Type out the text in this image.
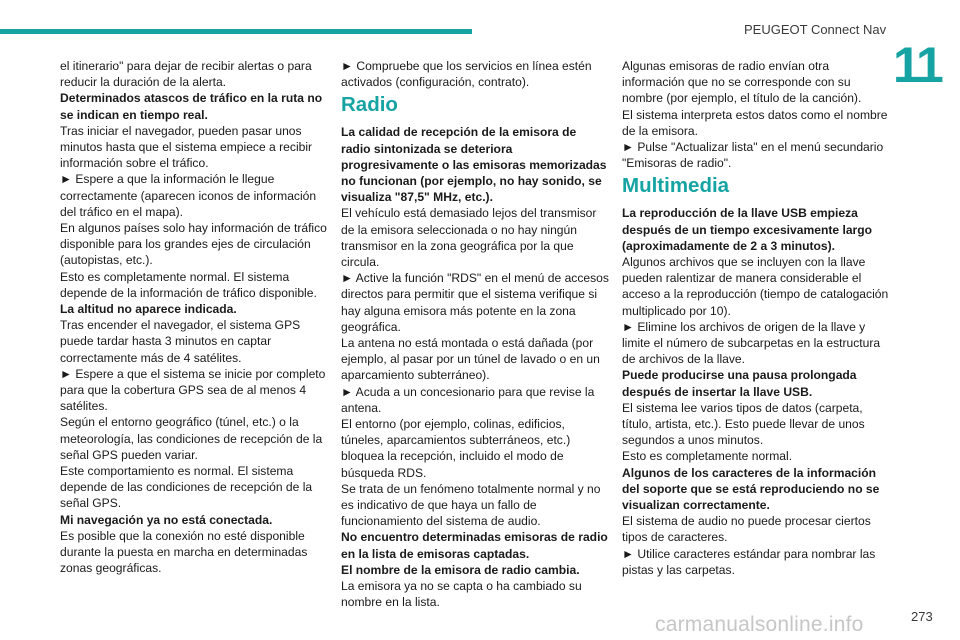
PEUGEOT Connect Nav
11

el itinerario" para dejar de recibir alertas o para reducir la duración de la alerta.

Determinados atascos de tráfico en la ruta no se indican en tiempo real.

Tras iniciar el navegador, pueden pasar unos minutos hasta que el sistema empiece a recibir información sobre el tráfico.

► Espere a que la información le llegue correctamente (aparecen iconos de información del tráfico en el mapa).

En algunos países solo hay información de tráfico disponible para los grandes ejes de circulación (autopistas, etc.).

Esto es completamente normal. El sistema depende de la información de tráfico disponible.

La altitud no aparece indicada.

Tras encender el navegador, el sistema GPS puede tardar hasta 3 minutos en captar correctamente más de 4 satélites.

► Espere a que el sistema se inicie por completo para que la cobertura GPS sea de al menos 4 satélites.

Según el entorno geográfico (túnel, etc.) o la meteorología, las condiciones de recepción de la señal GPS pueden variar.

Este comportamiento es normal. El sistema depende de las condiciones de recepción de la señal GPS.

Mi navegación ya no está conectada.

Es posible que la conexión no esté disponible durante la puesta en marcha en determinadas zonas geográficas.

► Compruebe que los servicios en línea estén activados (configuración, contrato).

Radio

La calidad de recepción de la emisora de radio sintonizada se deteriora progresivamente o las emisoras memorizadas no funcionan (por ejemplo, no hay sonido, se visualiza "87,5" MHz, etc.).

El vehículo está demasiado lejos del transmisor de la emisora seleccionada o no hay ningún transmisor en la zona geográfica por la que circula.

► Active la función "RDS" en el menú de accesos directos para permitir que el sistema verifique si hay alguna emisora más potente en la zona geográfica.

La antena no está montada o está dañada (por ejemplo, al pasar por un túnel de lavado o en un aparcamiento subterráneo).

► Acuda a un concesionario para que revise la antena.

El entorno (por ejemplo, colinas, edificios, túneles, aparcamientos subterráneos, etc.) bloquea la recepción, incluido el modo de búsqueda RDS.

Se trata de un fenómeno totalmente normal y no es indicativo de que haya un fallo de funcionamiento del sistema de audio.

No encuentro determinadas emisoras de radio en la lista de emisoras captadas.

El nombre de la emisora de radio cambia.

La emisora ya no se capta o ha cambiado su nombre en la lista.

Algunas emisoras de radio envían otra información que no se corresponde con su nombre (por ejemplo, el título de la canción).

El sistema interpreta estos datos como el nombre de la emisora.

► Pulse "Actualizar lista" en el menú secundario "Emisoras de radio".

Multimedia

La reproducción de la llave USB empieza después de un tiempo excesivamente largo (aproximadamente de 2 a 3 minutos).

Algunos archivos que se incluyen con la llave pueden ralentizar de manera considerable el acceso a la reproducción (tiempo de catalogación multiplicado por 10).

► Elimine los archivos de origen de la llave y limite el número de subcarpetas en la estructura de archivos de la llave.

Puede producirse una pausa prolongada después de insertar la llave USB.

El sistema lee varios tipos de datos (carpeta, título, artista, etc.). Esto puede llevar de unos segundos a unos minutos.

Esto es completamente normal.

Algunos de los caracteres de la información del soporte que se está reproduciendo no se visualizan correctamente.

El sistema de audio no puede procesar ciertos tipos de caracteres.

► Utilice caracteres estándar para nombrar las pistas y las carpetas.

carmanualsonline.info	273
